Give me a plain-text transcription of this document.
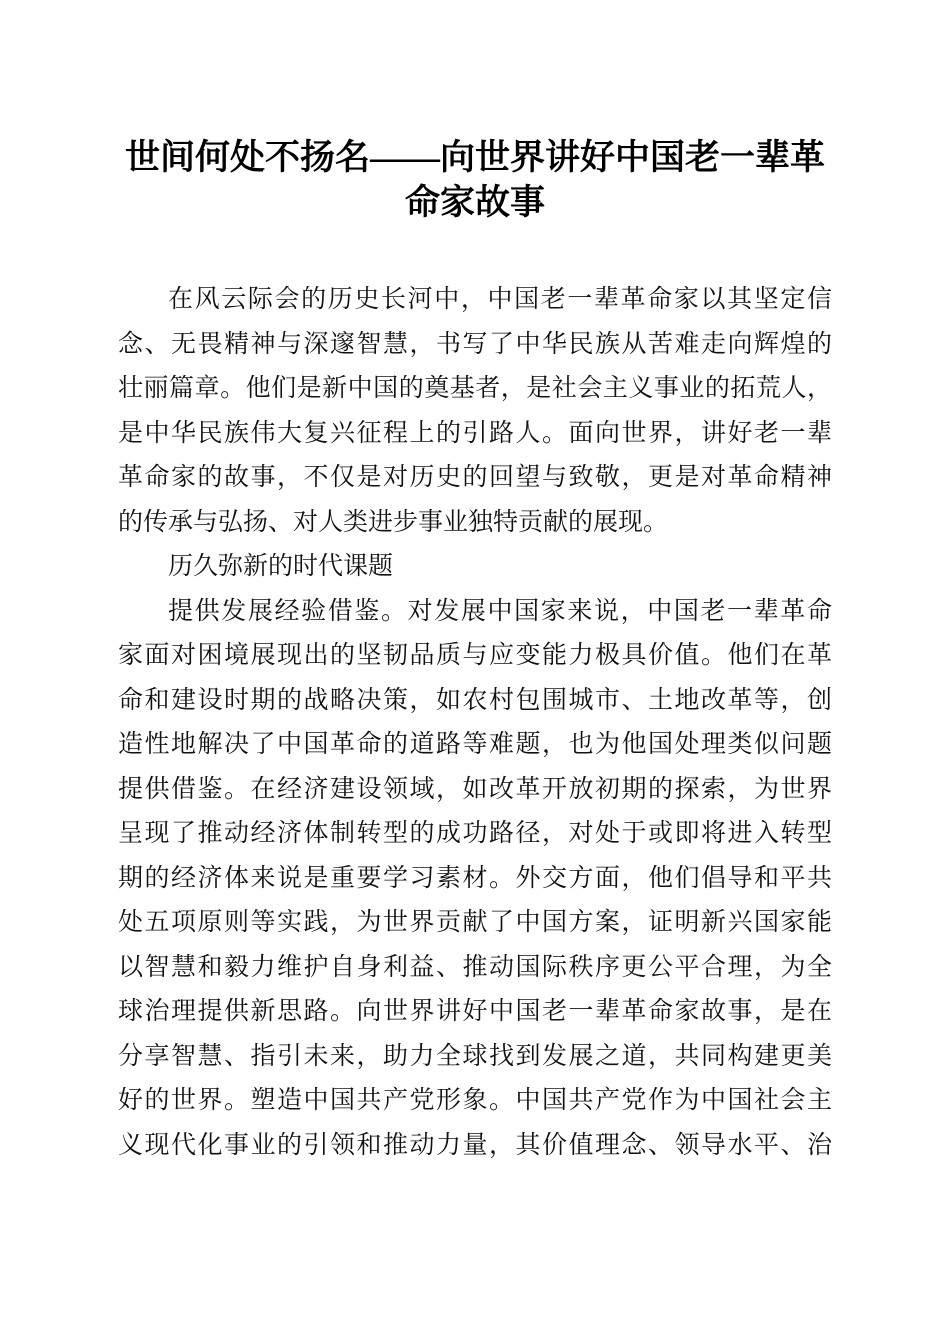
世间何处不扬名——向世界讲好中国老一辈革
命家故事
在风云际会的历史长河中，中国老一辈革命家以其坚定信
念、无畏精神与深邃智慧，书写了中华民族从苦难走向辉煌的
壮丽篇章。他们是新中国的奠基者，是社会主义事业的拓荒人，
是中华民族伟大复兴征程上的引路人。面向世界，讲好老一辈
革命家的故事，不仅是对历史的回望与致敬，更是对革命精神
的传承与弘扬、对人类进步事业独特贡献的展现。
历久弥新的时代课题
提供发展经验借鉴。对发展中国家来说，中国老一辈革命
家面对困境展现出的坚韧品质与应变能力极具价值。他们在革
命和建设时期的战略决策，如农村包围城市、土地改革等，创
造性地解决了中国革命的道路等难题，也为他国处理类似问题
提供借鉴。在经济建设领域，如改革开放初期的探索，为世界
呈现了推动经济体制转型的成功路径，对处于或即将进入转型
期的经济体来说是重要学习素材。外交方面，他们倡导和平共
处五项原则等实践，为世界贡献了中国方案，证明新兴国家能
以智慧和毅力维护自身利益、推动国际秩序更公平合理，为全
球治理提供新思路。向世界讲好中国老一辈革命家故事，是在
分享智慧、指引未来，助力全球找到发展之道，共同构建更美
好的世界。塑造中国共产党形象。中国共产党作为中国社会主
义现代化事业的引领和推动力量，其价值理念、领导水平、治
